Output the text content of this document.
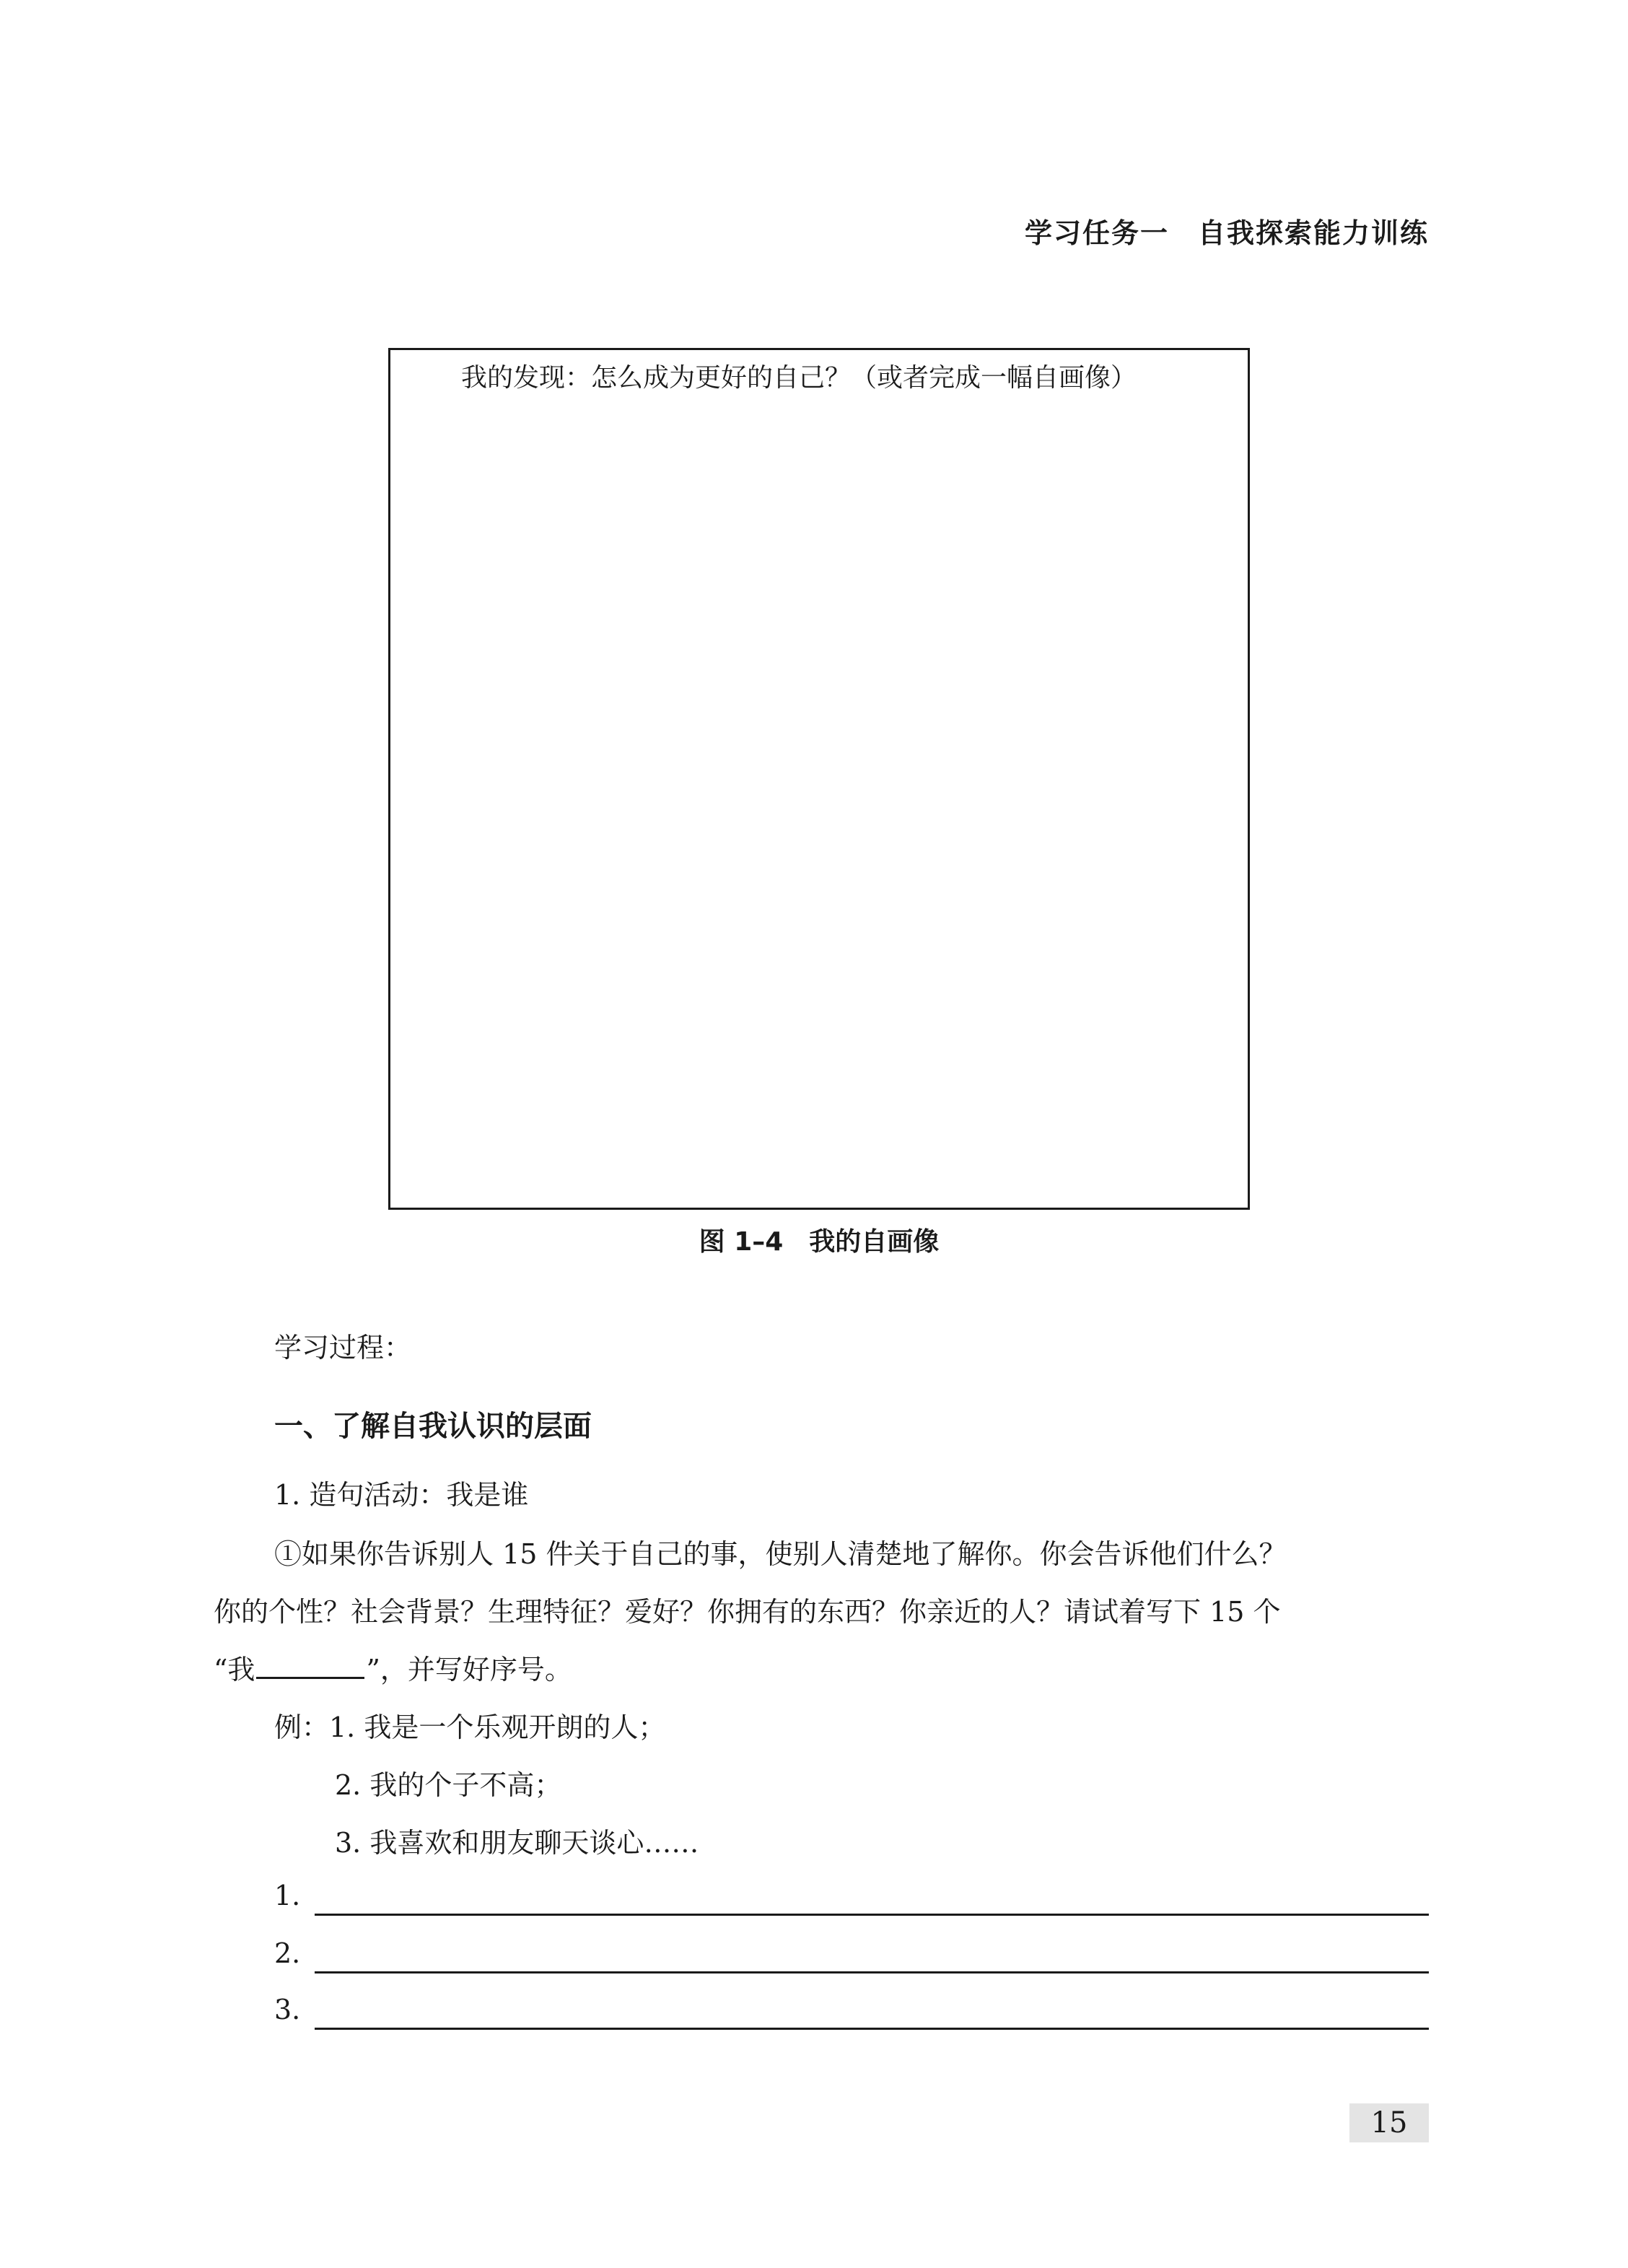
学习任务一　自我探索能力训练
我的发现：怎么成为更好的自己？（或者完成一幅自画像）
图 1–4　我的自画像
学习过程：
一、了解自我认识的层面
1. 造句活动：我是谁
①如果你告诉别人 15 件关于自己的事，使别人清楚地了解你。你会告诉他们什么？
你的个性？社会背景？生理特征？爱好？你拥有的东西？你亲近的人？请试着写下 15 个
“我	”，并写好序号。
例：1. 我是一个乐观开朗的人；
2. 我的个子不高；
3. 我喜欢和朋友聊天谈心……
1.
2.
3.
15
